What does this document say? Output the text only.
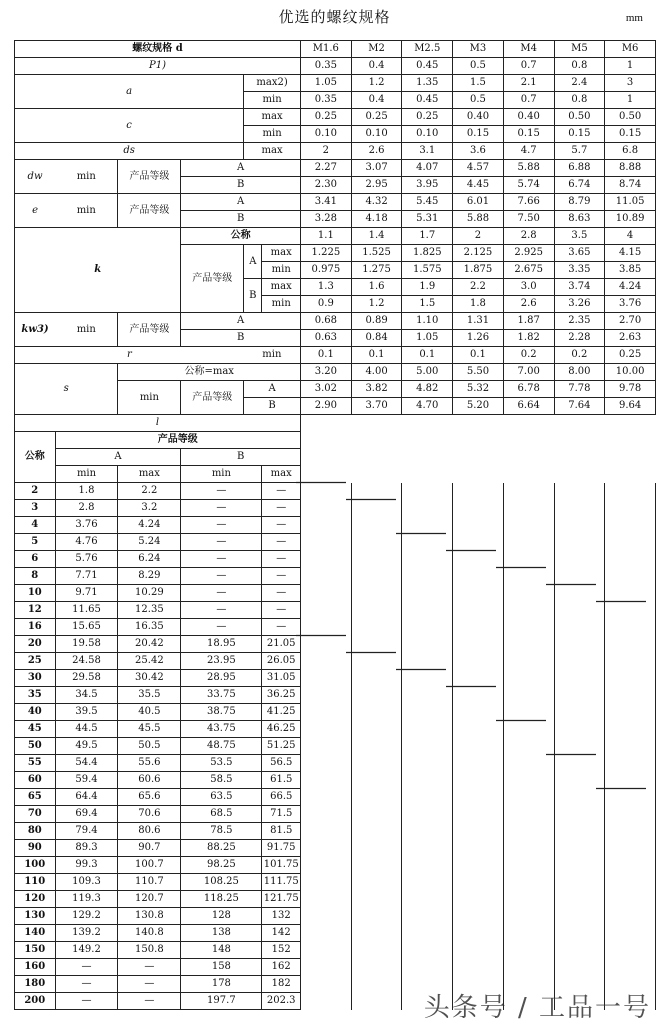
优选的螺纹规格	mm
螺纹规格 d						M1.6	M2	M2.5	M3	M4	M5	M6
P1)						0.35	0.4	0.45	0.5	0.7	0.8	1
a				max2)		1.05	1.2	1.35	1.5	2.1	2.4	3
				min		0.35	0.4	0.45	0.5	0.7	0.8	1
c				max		0.25	0.25	0.25	0.40	0.40	0.50	0.50
				min		0.10	0.10	0.10	0.15	0.15	0.15	0.15
ds				max		2	2.6	3.1	3.6	4.7	5.7	6.8
dw	min	产品等级	A			2.27	3.07	4.07	4.57	5.88	6.88	8.88
			B			2.30	2.95	3.95	4.45	5.74	6.74	8.74
e	min	产品等级	A			3.41	4.32	5.45	6.01	7.66	8.79	11.05
			B			3.28	4.18	5.31	5.88	7.50	8.63	10.89
k			公称			1.1	1.4	1.7	2	2.8	3.5	4
			产品等级	A	max	1.225	1.525	1.825	2.125	2.925	3.65	4.15
					min	0.975	1.275	1.575	1.875	2.675	3.35	3.85
				B	max	1.3	1.6	1.9	2.2	3.0	3.74	4.24
					min	0.9	1.2	1.5	1.8	2.6	3.26	3.76
kw3)	min	产品等级	A			0.68	0.89	1.10	1.31	1.87	2.35	2.70
			B			0.63	0.84	1.05	1.26	1.82	2.28	2.63
r				min		0.1	0.1	0.1	0.1	0.2	0.2	0.25
s		公称=max				3.20	4.00	5.00	5.50	7.00	8.00	10.00
		min	产品等级	A		3.02	3.82	4.82	5.32	6.78	7.78	9.78
				B		2.90	3.70	4.70	5.20	6.64	7.64	9.64
l												
公称	产品等级											
	A		B									
	min	max	min		max							
2	1.8	2.2	—		—							
3	2.8	3.2	—		—							
4	3.76	4.24	—		—							
5	4.76	5.24	—		—							
6	5.76	6.24	—		—							
8	7.71	8.29	—		—							
10	9.71	10.29	—		—							
12	11.65	12.35	—		—							
16	15.65	16.35	—		—							
20	19.58	20.42	18.95		21.05							
25	24.58	25.42	23.95		26.05							
30	29.58	30.42	28.95		31.05							
35	34.5	35.5	33.75		36.25							
40	39.5	40.5	38.75		41.25							
45	44.5	45.5	43.75		46.25							
50	49.5	50.5	48.75		51.25							
55	54.4	55.6	53.5		56.5							
60	59.4	60.6	58.5		61.5							
65	64.4	65.6	63.5		66.5							
70	69.4	70.6	68.5		71.5							
80	79.4	80.6	78.5		81.5							
90	89.3	90.7	88.25		91.75							
100	99.3	100.7	98.25		101.75							
110	109.3	110.7	108.25		111.75							
120	119.3	120.7	118.25		121.75							
130	129.2	130.8	128		132							
140	139.2	140.8	138		142							
150	149.2	150.8	148		152							
160	—	—	158		162							
180	—	—	178		182							
200	—	—	197.7		202.3								头条号 / 工品一号
